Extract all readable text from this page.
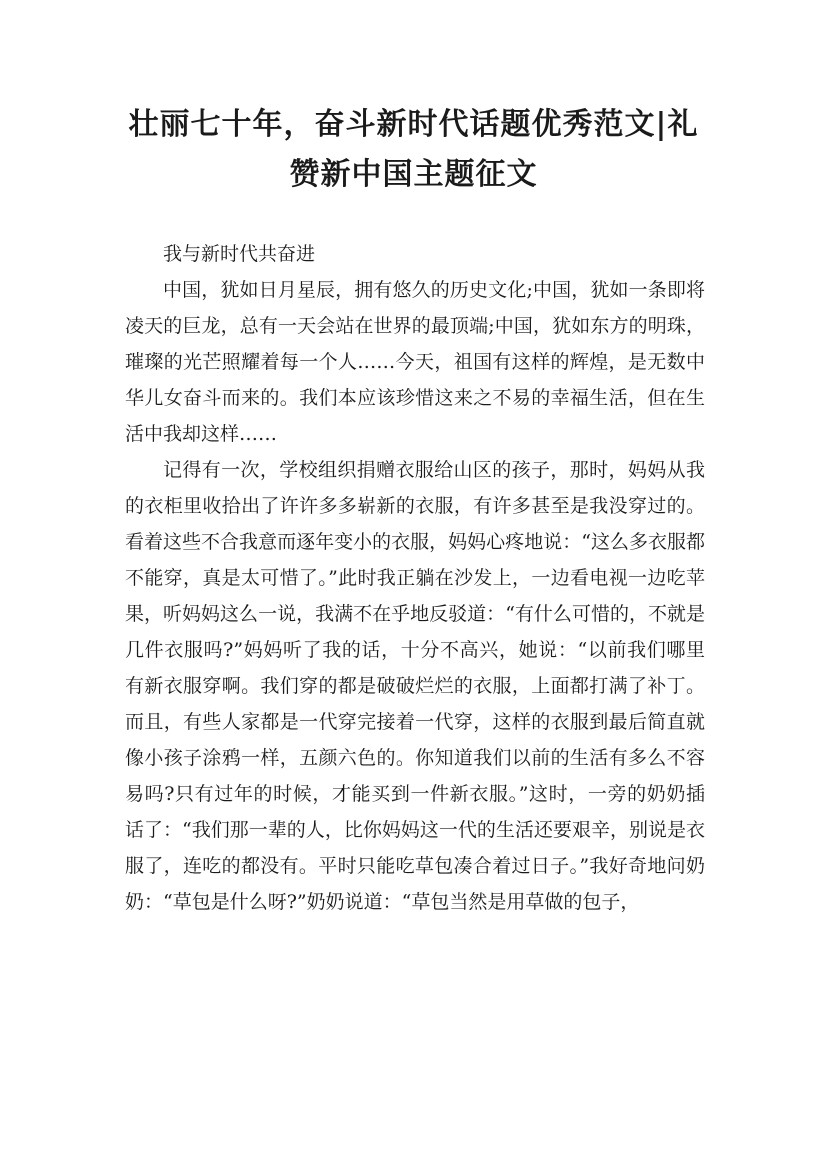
壮丽七十年，奋斗新时代话题优秀范文|礼
赞新中国主题征文

我与新时代共奋进

中国，犹如日月星辰，拥有悠久的历史文化;中国，犹如一条即将凌天的巨龙，总有一天会站在世界的最顶端;中国，犹如东方的明珠，璀璨的光芒照耀着每一个人……今天，祖国有这样的辉煌，是无数中华儿女奋斗而来的。我们本应该珍惜这来之不易的幸福生活，但在生活中我却这样……

记得有一次，学校组织捐赠衣服给山区的孩子，那时，妈妈从我的衣柜里收拾出了许许多多崭新的衣服，有许多甚至是我没穿过的。看着这些不合我意而逐年变小的衣服，妈妈心疼地说：“这么多衣服都不能穿，真是太可惜了。”此时我正躺在沙发上，一边看电视一边吃苹果，听妈妈这么一说，我满不在乎地反驳道：“有什么可惜的，不就是几件衣服吗?”妈妈听了我的话，十分不高兴，她说：“以前我们哪里有新衣服穿啊。我们穿的都是破破烂烂的衣服，上面都打满了补丁。而且，有些人家都是一代穿完接着一代穿，这样的衣服到最后简直就像小孩子涂鸦一样，五颜六色的。你知道我们以前的生活有多么不容易吗?只有过年的时候，才能买到一件新衣服。”这时，一旁的奶奶插话了：“我们那一辈的人，比你妈妈这一代的生活还要艰辛，别说是衣服了，连吃的都没有。平时只能吃草包凑合着过日子。”我好奇地问奶奶：“草包是什么呀?”奶奶说道：“草包当然是用草做的包子，
